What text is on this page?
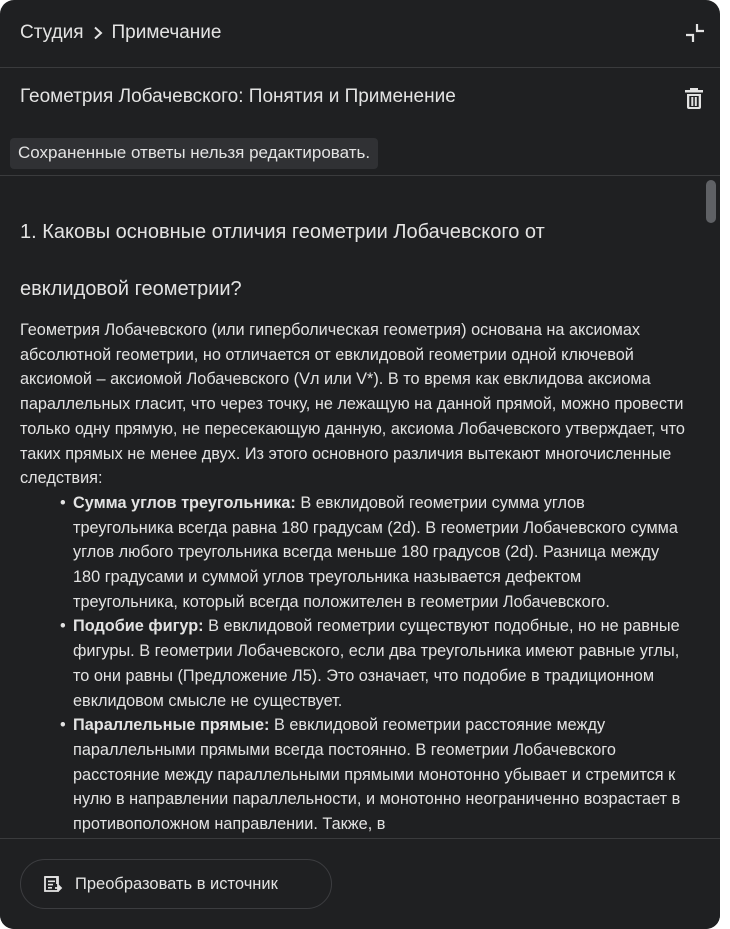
Студия Примечание
Геометрия Лобачевского: Понятия и Применение
Сохраненные ответы нельзя редактировать.
1. Каковы основные отличия геометрии Лобачевского от
евклидовой геометрии?

Геометрия Лобачевского (или гиперболическая геометрия) основана на аксиомах абсолютной геометрии, но отличается от евклидовой геометрии одной ключевой аксиомой – аксиомой Лобачевского (Vл или V*). В то время как евклидова аксиома параллельных гласит, что через точку, не лежащую на данной прямой, можно провести только одну прямую, не пересекающую данную, аксиома Лобачевского утверждает, что таких прямых не менее двух. Из этого основного различия вытекают многочисленные следствия:

• Сумма углов треугольника: В евклидовой геометрии сумма углов треугольника всегда равна 180 градусам (2d). В геометрии Лобачевского сумма углов любого треугольника всегда меньше 180 градусов (2d). Разница между 180 градусами и суммой углов треугольника называется дефектом треугольника, который всегда положителен в геометрии Лобачевского.
• Подобие фигур: В евклидовой геометрии существуют подобные, но не равные фигуры. В геометрии Лобачевского, если два треугольника имеют равные углы, то они равны (Предложение Л5). Это означает, что подобие в традиционном евклидовом смысле не существует.
• Параллельные прямые: В евклидовой геометрии расстояние между параллельными прямыми всегда постоянно. В геометрии Лобачевского расстояние между параллельными прямыми монотонно убывает и стремится к нулю в направлении параллельности, и монотонно неограниченно возрастает в противоположном направлении. Также, в
Преобразовать в источник
